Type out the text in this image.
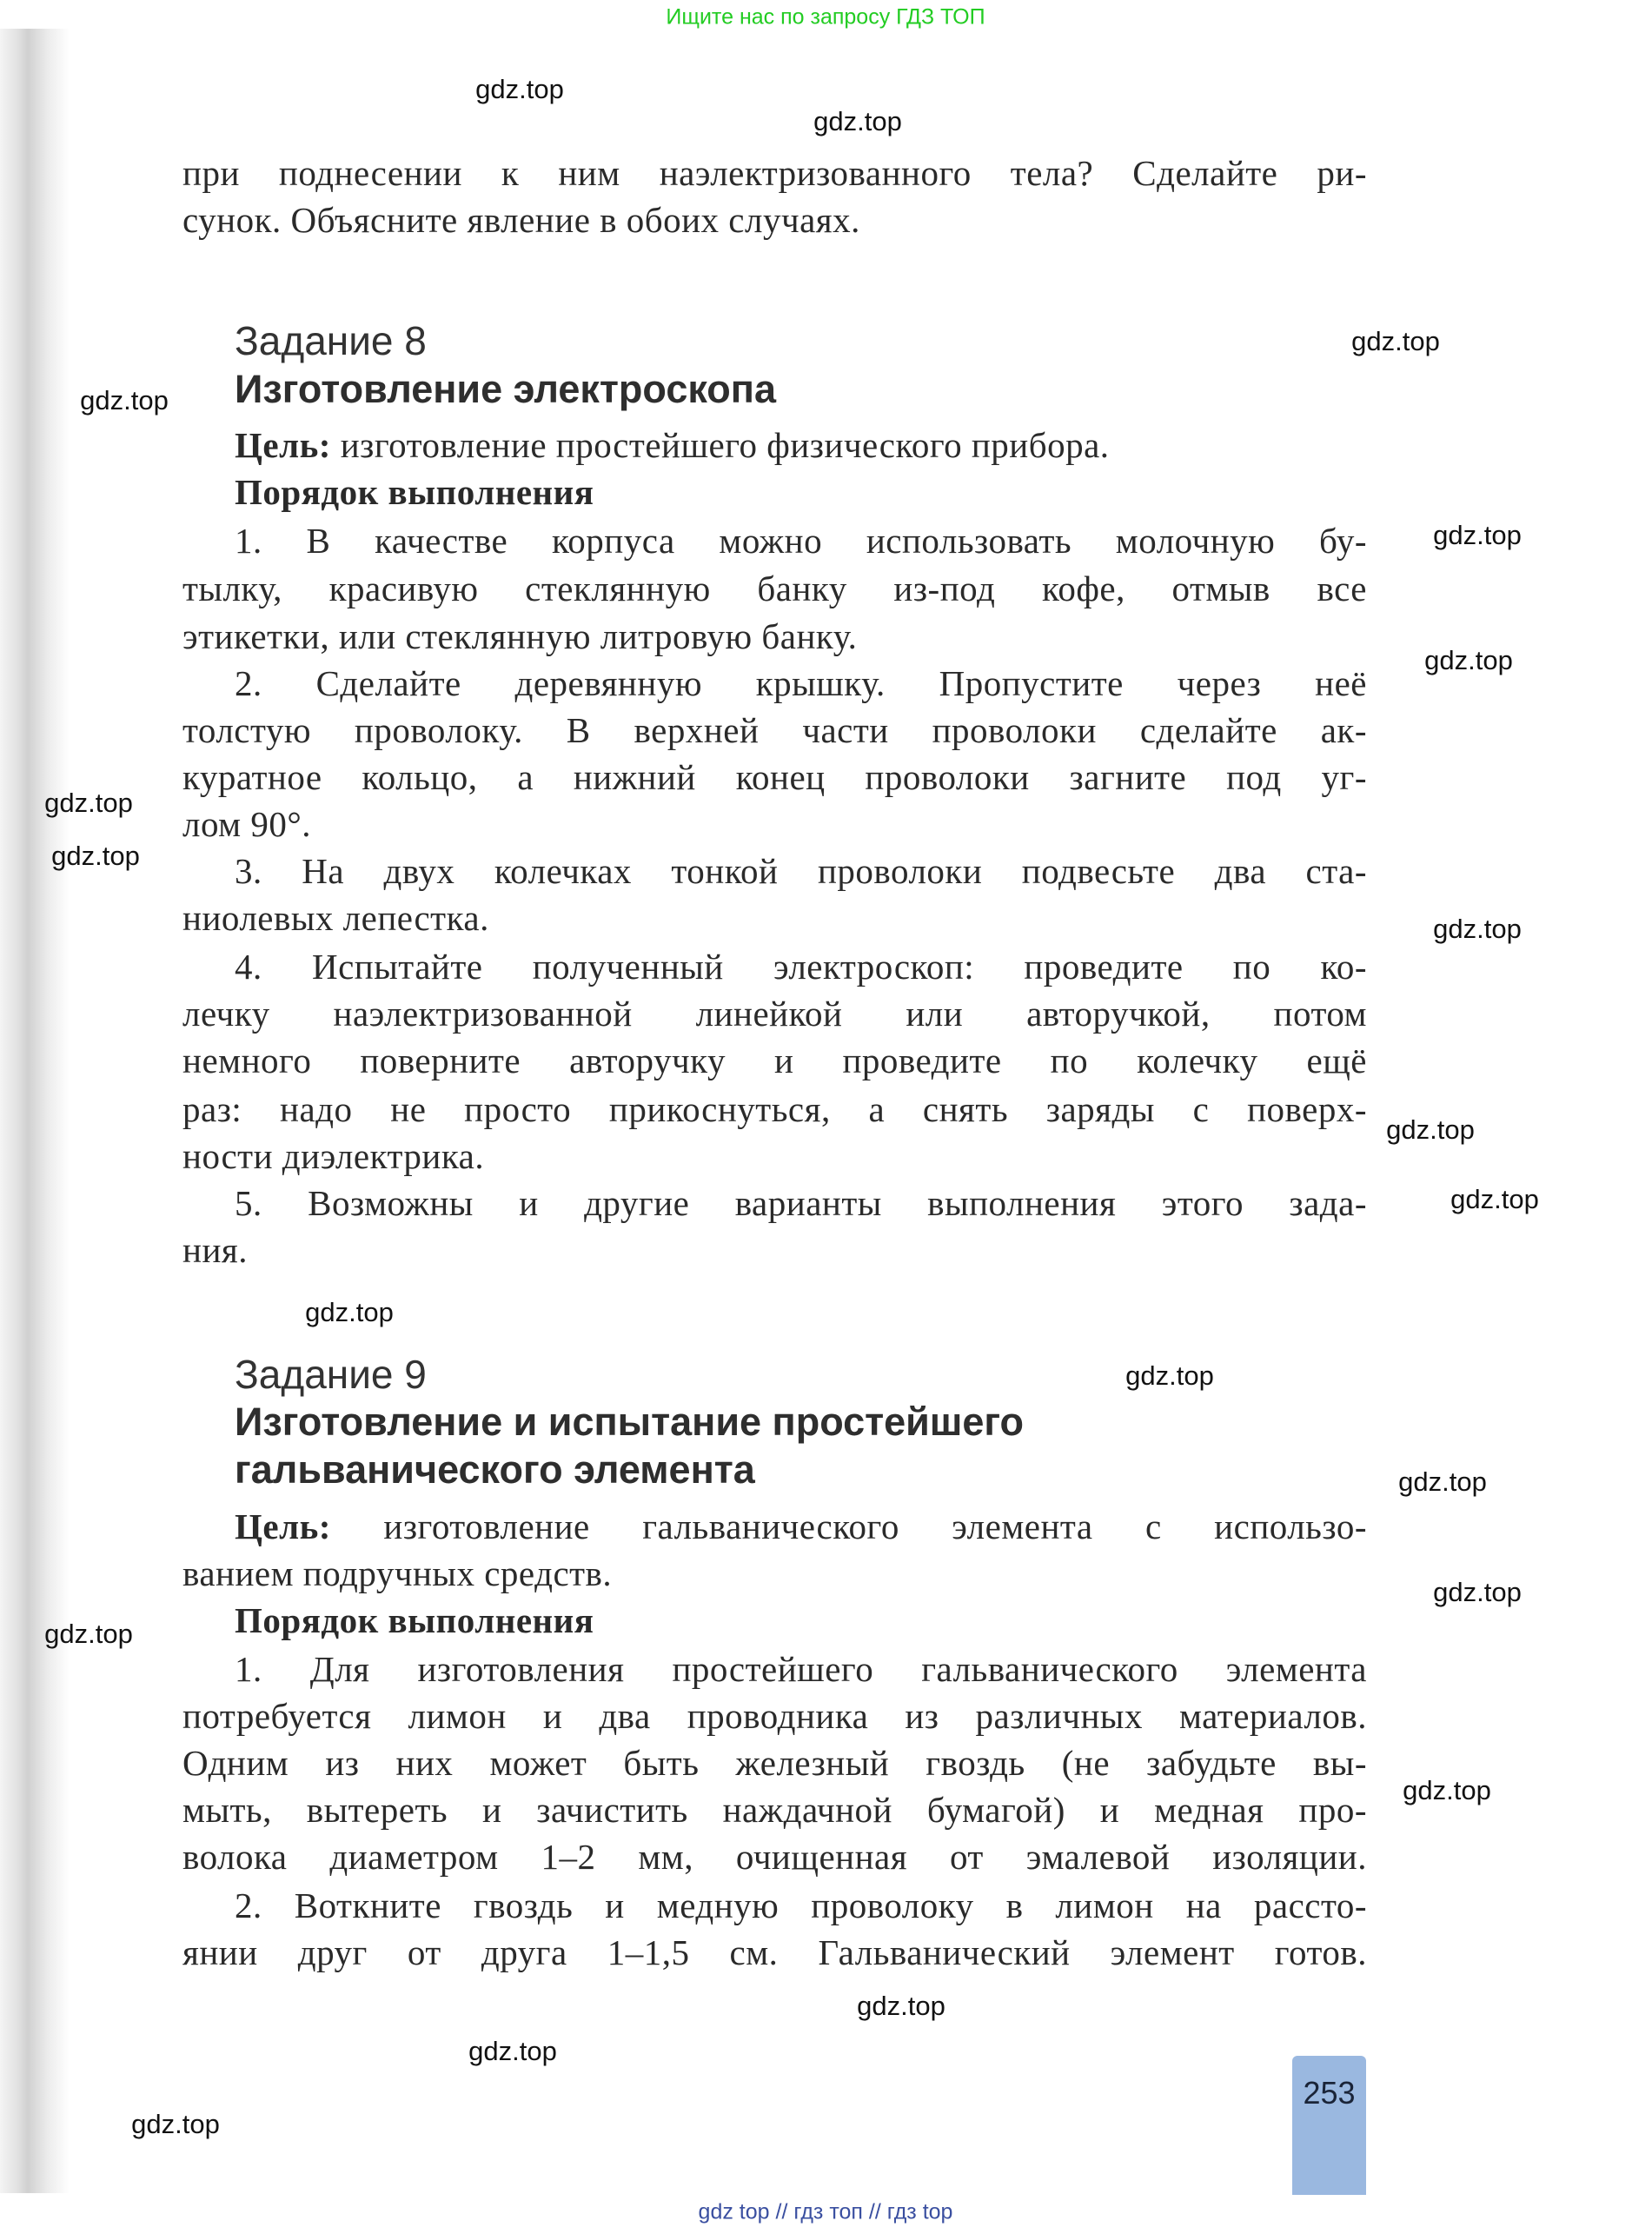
Ищите нас по запросу ГДЗ ТОП
при поднесении к ним наэлектризованного тела? Сделайте ри-
сунок. Объясните явление в обоих случаях.
Задание 8
Изготовление электроскопа
Цель: изготовление простейшего физического прибора.
Порядок выполнения
1. В качестве корпуса можно использовать молочную бу-
тылку, красивую стеклянную банку из-под кофе, отмыв все
этикетки, или стеклянную литровую банку.
2. Сделайте деревянную крышку. Пропустите через неё
толстую проволоку. В верхней части проволоки сделайте ак-
куратное кольцо, а нижний конец проволоки загните под уг-
лом 90°.
3. На двух колечках тонкой проволоки подвесьте два ста-
ниолевых лепестка.
4. Испытайте полученный электроскоп: проведите по ко-
лечку наэлектризованной линейкой или авторучкой, потом
немного поверните авторучку и проведите по колечку ещё
раз: надо не просто прикоснуться, а снять заряды с поверх-
ности диэлектрика.
5. Возможны и другие варианты выполнения этого зада-
ния.
Задание 9
Изготовление и испытание простейшего
гальванического элемента
Цель: изготовление гальванического элемента с использо-
ванием подручных средств.
Порядок выполнения
1. Для изготовления простейшего гальванического элемента
потребуется лимон и два проводника из различных материалов.
Одним из них может быть железный гвоздь (не забудьте вы-
мыть, вытереть и зачистить наждачной бумагой) и медная про-
волока диаметром 1–2 мм, очищенная от эмалевой изоляции.
2. Воткните гвоздь и медную проволоку в лимон на рассто-
янии друг от друга 1–1,5 см. Гальванический элемент готов.
gdz.top
gdz.top
gdz.top
gdz.top
gdz.top
gdz.top
gdz.top
gdz.top
gdz.top
gdz.top
gdz.top
gdz.top
gdz.top
gdz.top
gdz.top
gdz.top
gdz.top
gdz.top
gdz.top
gdz.top
253
gdz top // гдз топ // гдз top
